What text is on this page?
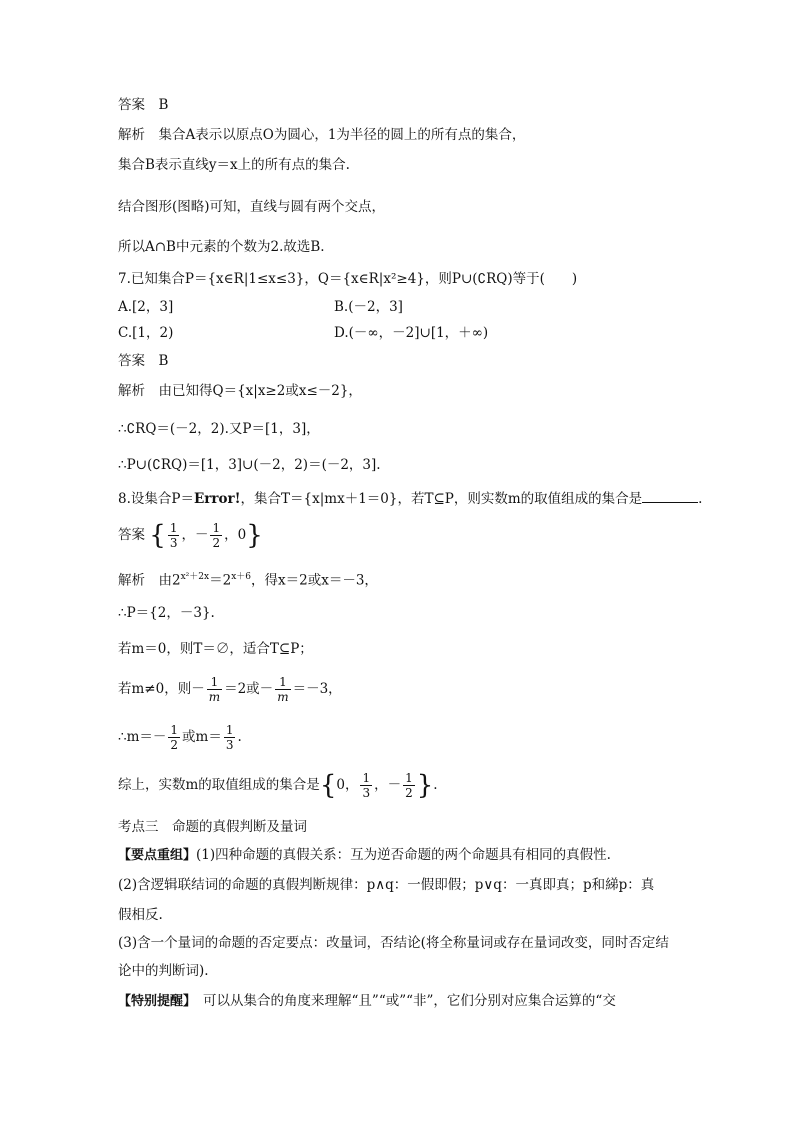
答案　B
解析　集合A表示以原点O为圆心，1为半径的圆上的所有点的集合，
集合B表示直线y＝x上的所有点的集合.
结合图形(图略)可知，直线与圆有两个交点，
所以A∩B中元素的个数为2.故选B.
7.已知集合P＝{x∈R|1≤x≤3}，Q＝{x∈R|x²≥4}，则P∪(∁RQ)等于(　　)
A.[2，3]	B.(－2，3]
C.[1，2)	D.(－∞，－2]∪[1，＋∞)
答案　B
解析　由已知得Q＝{x|x≥2或x≤－2}，
∴∁RQ＝(－2，2).又P＝[1，3]，
∴P∪(∁RQ)＝[1，3]∪(－2，2)＝(－2，3].
8.设集合P＝Error!，集合T＝{x|mx＋1＝0}，若T⊆P，则实数m的取值组成的集合是	.
答案 { $\frac{1}{3}$ ，－ $\frac{1}{2}$ ，0}
解析　由$2^{x^2+2x}=2^{x+6}$，得x＝2或x＝－3，
∴P＝{2，－3}.
若m＝0，则T＝∅，适合T⊆P；
若m≠0，则－ $\frac{1}{m} =2$或－ $\frac{1}{m} =-3$，
∴m＝－ $\frac{1}{2}$ 或$m= \frac{1}{3}$ .
综上，实数m的取值组成的集合是{0， $\frac{1}{3}$ ，－ $\frac{1}{2}$ }.
考点三　命题的真假判断及量词
【要点重组】(1)四种命题的真假关系：互为逆否命题的两个命题具有相同的真假性.
(2)含逻辑联结词的命题的真假判断规律：p∧q：一假即假；p∨q：一真即真；p和綈p：真
假相反.
(3)含一个量词的命题的否定要点：改量词，否结论(将全称量词或存在量词改变，同时否定结
论中的判断词).
【特别提醒】　可以从集合的角度来理解“且”“或”“非”，它们分别对应集合运算的“交
